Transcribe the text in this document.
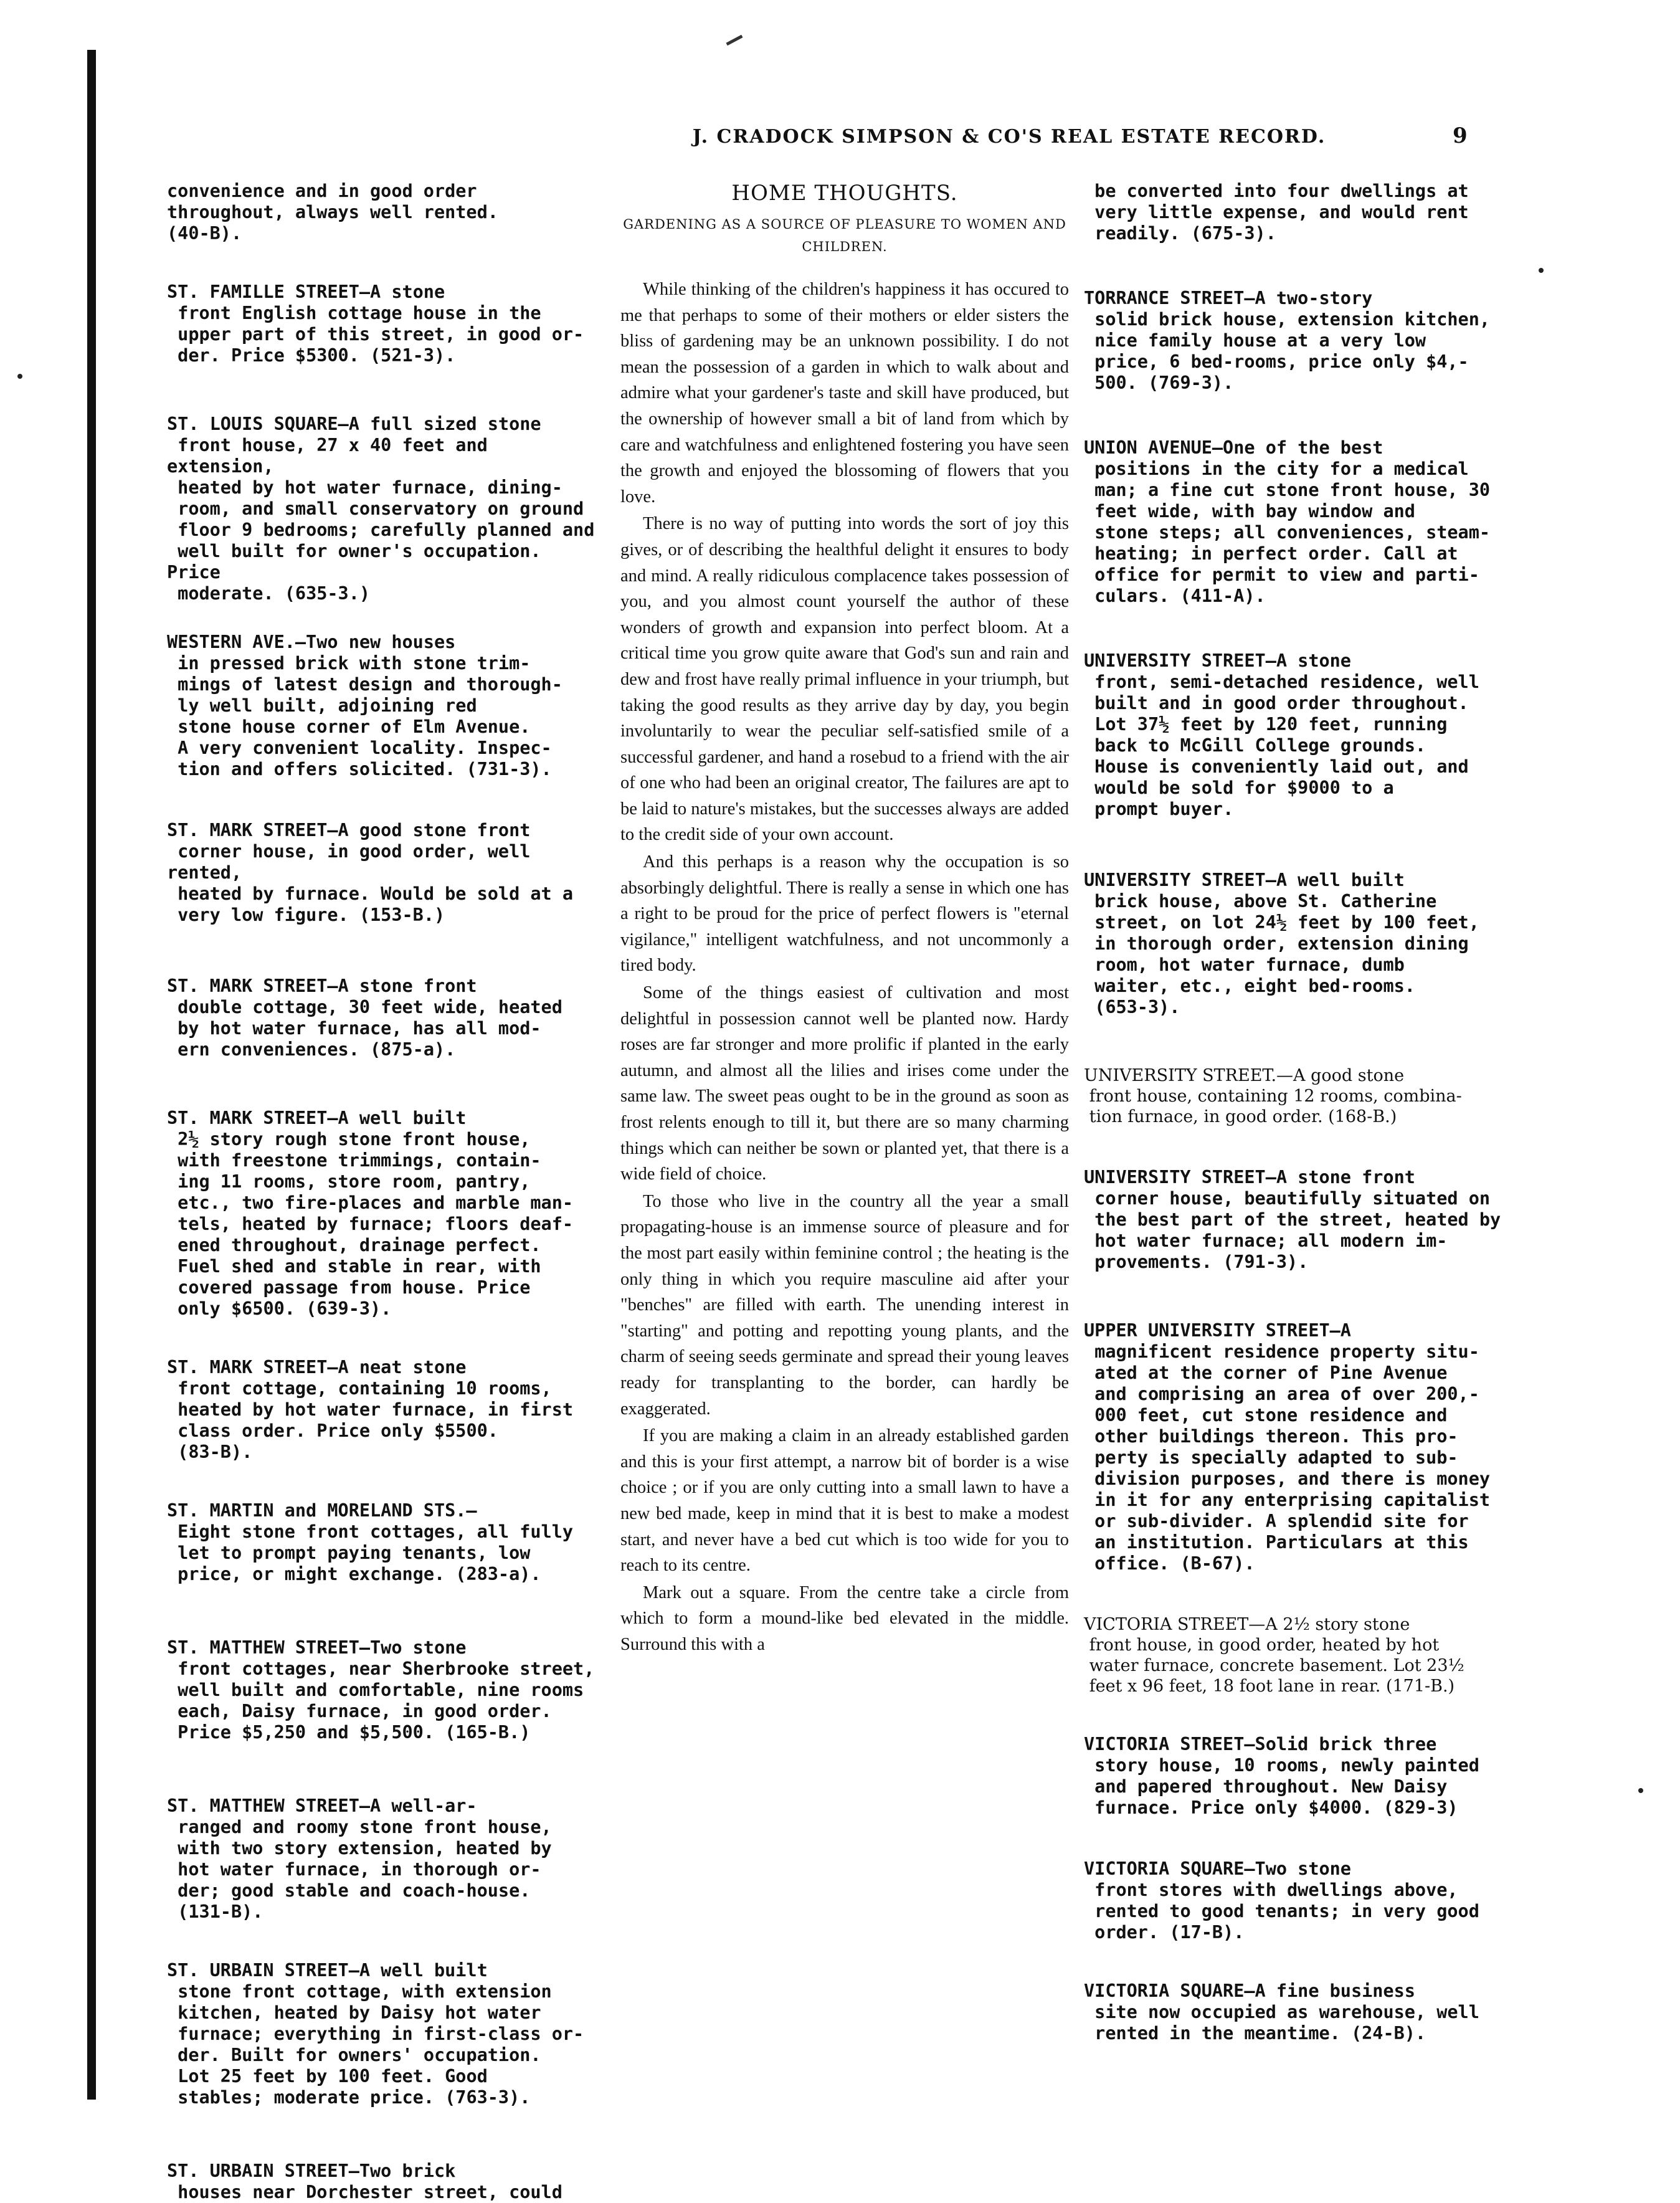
J. CRADOCK SIMPSON & CO'S REAL ESTATE RECORD.	9

convenience and in good order
throughout, always well rented.
(40-B).

ST. FAMILLE STREET—A stone
front English cottage house in the
upper part of this street, in good or-
der. Price $5300. (521-3).

ST. LOUIS SQUARE—A full sized stone
front house, 27 x 40 feet and extension,
heated by hot water furnace, dining-
room, and small conservatory on ground
floor 9 bedrooms; carefully planned and
well built for owner's occupation. Price
moderate. (635-3.)

WESTERN AVE.—Two new houses
in pressed brick with stone trim-
mings of latest design and thorough-
ly well built, adjoining red
stone house corner of Elm Avenue.
A very convenient locality. Inspec-
tion and offers solicited. (731-3).

ST. MARK STREET—A good stone front
corner house, in good order, well rented,
heated by furnace. Would be sold at a
very low figure. (153-B.)

ST. MARK STREET—A stone front
double cottage, 30 feet wide, heated
by hot water furnace, has all mod-
ern conveniences. (875-a).

ST. MARK STREET—A well built
2½ story rough stone front house,
with freestone trimmings, contain-
ing 11 rooms, store room, pantry,
etc., two fire-places and marble man-
tels, heated by furnace; floors deaf-
ened throughout, drainage perfect.
Fuel shed and stable in rear, with
covered passage from house. Price
only $6500. (639-3).

ST. MARK STREET—A neat stone
front cottage, containing 10 rooms,
heated by hot water furnace, in first
class order. Price only $5500.
(83-B).

ST. MARTIN and MORELAND STS.—
Eight stone front cottages, all fully
let to prompt paying tenants, low
price, or might exchange. (283-a).

ST. MATTHEW STREET—Two stone
front cottages, near Sherbrooke street,
well built and comfortable, nine rooms
each, Daisy furnace, in good order.
Price $5,250 and $5,500. (165-B.)

ST. MATTHEW STREET—A well-ar-
ranged and roomy stone front house,
with two story extension, heated by
hot water furnace, in thorough or-
der; good stable and coach-house.
(131-B).

ST. URBAIN STREET—A well built
stone front cottage, with extension
kitchen, heated by Daisy hot water
furnace; everything in first-class or-
der. Built for owners' occupation.
Lot 25 feet by 100 feet. Good
stables; moderate price. (763-3).

ST. URBAIN STREET—Two brick
houses near Dorchester street, could

HOME THOUGHTS.
GARDENING AS A SOURCE OF PLEASURE TO WOMEN AND CHILDREN.

While thinking of the children's happiness it has occured to me that perhaps to some of their mothers or elder sisters the bliss of gardening may be an unknown possibility. I do not mean the possession of a garden in which to walk about and admire what your gardener's taste and skill have produced, but the ownership of however small a bit of land from which by care and watchfulness and enlightened fostering you have seen the growth and enjoyed the blossoming of flowers that you love.

There is no way of putting into words the sort of joy this gives, or of describing the healthful delight it ensures to body and mind. A really ridiculous complacence takes possession of you, and you almost count yourself the author of these wonders of growth and expansion into perfect bloom. At a critical time you grow quite aware that God's sun and rain and dew and frost have really primal influence in your triumph, but taking the good results as they arrive day by day, you begin involuntarily to wear the peculiar self-satisfied smile of a successful gardener, and hand a rosebud to a friend with the air of one who had been an original creator, The failures are apt to be laid to nature's mistakes, but the successes always are added to the credit side of your own account.

And this perhaps is a reason why the occupation is so absorbingly delightful. There is really a sense in which one has a right to be proud for the price of perfect flowers is "eternal vigilance," intelligent watchfulness, and not uncommonly a tired body.

Some of the things easiest of cultivation and most delightful in possession cannot well be planted now. Hardy roses are far stronger and more prolific if planted in the early autumn, and almost all the lilies and irises come under the same law. The sweet peas ought to be in the ground as soon as frost relents enough to till it, but there are so many charming things which can neither be sown or planted yet, that there is a wide field of choice.

To those who live in the country all the year a small propagating-house is an immense source of pleasure and for the most part easily within feminine control ; the heating is the only thing in which you require masculine aid after your "benches" are filled with earth. The unending interest in "starting" and potting and repotting young plants, and the charm of seeing seeds germinate and spread their young leaves ready for transplanting to the border, can hardly be exaggerated.

If you are making a claim in an already established garden and this is your first attempt, a narrow bit of border is a wise choice ; or if you are only cutting into a small lawn to have a new bed made, keep in mind that it is best to make a modest start, and never have a bed cut which is too wide for you to reach to its centre.

Mark out a square. From the centre take a circle from which to form a mound-like bed elevated in the middle. Surround this with a

be converted into four dwellings at
very little expense, and would rent
readily. (675-3).

TORRANCE STREET—A two-story
solid brick house, extension kitchen,
nice family house at a very low
price, 6 bed-rooms, price only $4,-
500. (769-3).

UNION AVENUE—One of the best
positions in the city for a medical
man; a fine cut stone front house, 30
feet wide, with bay window and
stone steps; all conveniences, steam-
heating; in perfect order. Call at
office for permit to view and parti-
culars. (411-A).

UNIVERSITY STREET—A stone
front, semi-detached residence, well
built and in good order throughout.
Lot 37½ feet by 120 feet, running
back to McGill College grounds.
House is conveniently laid out, and
would be sold for $9000 to a
prompt buyer.

UNIVERSITY STREET—A well built
brick house, above St. Catherine
street, on lot 24½ feet by 100 feet,
in thorough order, extension dining
room, hot water furnace, dumb
waiter, etc., eight bed-rooms.
(653-3).

UNIVERSITY STREET.—A good stone
front house, containing 12 rooms, combina-
tion furnace, in good order. (168-B.)

UNIVERSITY STREET—A stone front
corner house, beautifully situated on
the best part of the street, heated by
hot water furnace; all modern im-
provements. (791-3).

UPPER UNIVERSITY STREET—A
magnificent residence property situ-
ated at the corner of Pine Avenue
and comprising an area of over 200,-
000 feet, cut stone residence and
other buildings thereon. This pro-
perty is specially adapted to sub-
division purposes, and there is money
in it for any enterprising capitalist
or sub-divider. A splendid site for
an institution. Particulars at this
office. (B-67).

VICTORIA STREET—A 2½ story stone
front house, in good order, heated by hot
water furnace, concrete basement. Lot 23½
feet x 96 feet, 18 foot lane in rear. (171-B.)

VICTORIA STREET—Solid brick three
story house, 10 rooms, newly painted
and papered throughout. New Daisy
furnace. Price only $4000. (829-3)

VICTORIA SQUARE—Two stone
front stores with dwellings above,
rented to good tenants; in very good
order. (17-B).

VICTORIA SQUARE—A fine business
site now occupied as warehouse, well
rented in the meantime. (24-B).
